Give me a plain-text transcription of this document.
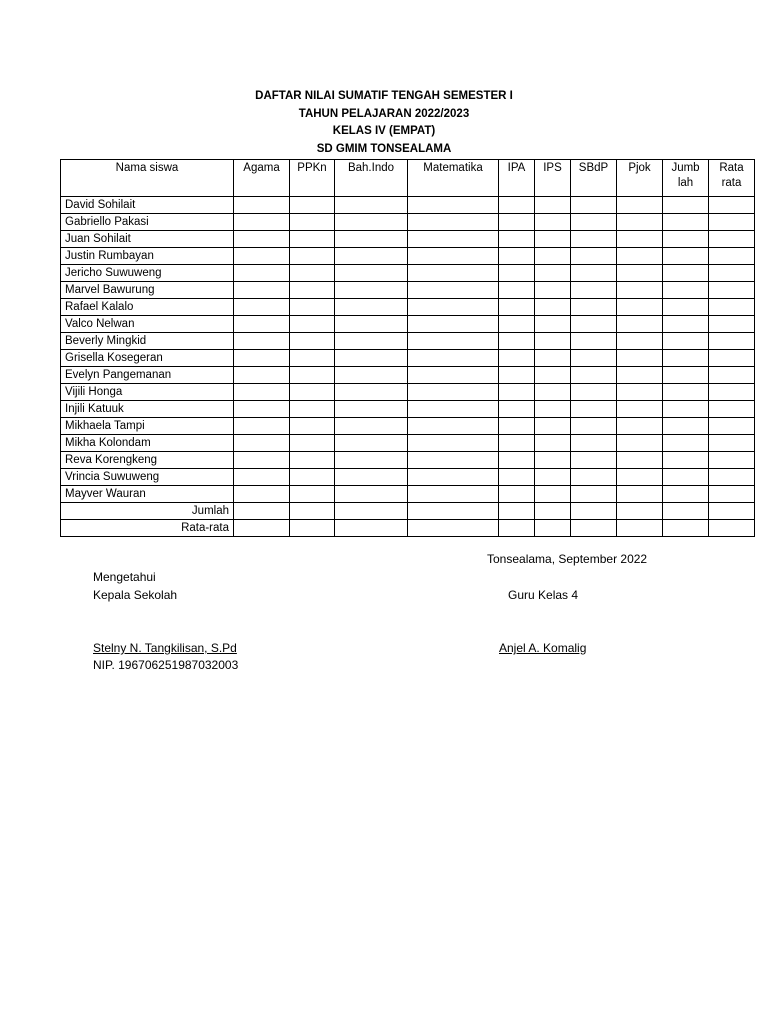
DAFTAR NILAI SUMATIF TENGAH SEMESTER I
TAHUN PELAJARAN 2022/2023
KELAS IV (EMPAT)
SD GMIM TONSEALAMA
Nama siswa	Agama	PPKn	Bah.Indo	Matematika	IPA	IPS	SBdP	Pjok	Jumb lah	Rata rata
David Sohilait										
Gabriello Pakasi										
Juan Sohilait										
Justin Rumbayan										
Jericho Suwuweng										
Marvel Bawurung										
Rafael Kalalo										
Valco Nelwan										
Beverly Mingkid										
Grisella Kosegeran										
Evelyn Pangemanan										
Vijili Honga										
Injili Katuuk										
Mikhaela Tampi										
Mikha Kolondam										
Reva Korengkeng										
Vrincia Suwuweng										
Mayver Wauran										
Jumlah										
Rata-rata										
Tonsealama, September 2022
Mengetahui
Kepala Sekolah	Guru Kelas 4
Stelny N. Tangkilisan, S.Pd	Anjel A. Komalig
NIP. 196706251987032003
